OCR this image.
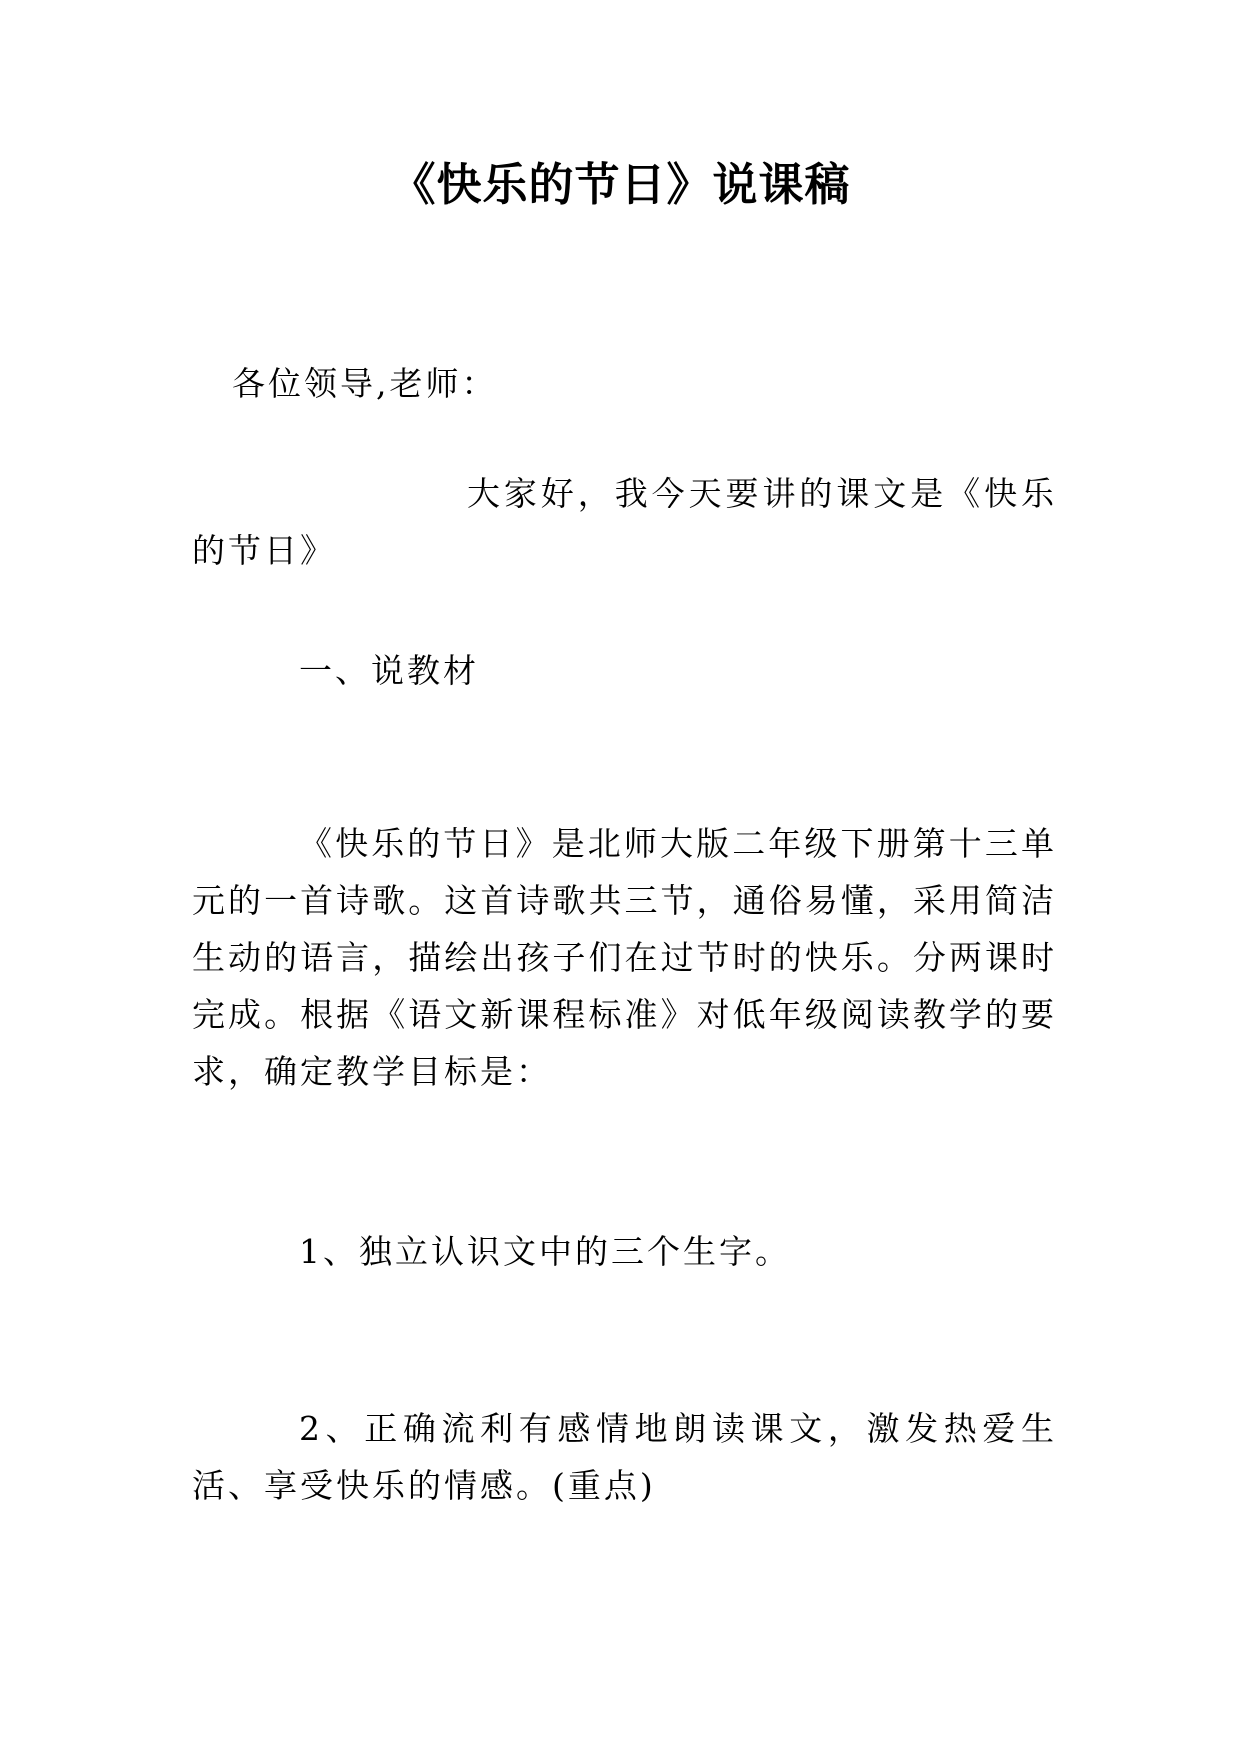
《快乐的节日》说课稿

各位领导,老师：

大家好，我今天要讲的课文是《快乐的节日》

一、说教材

《快乐的节日》是北师大版二年级下册第十三单元的一首诗歌。这首诗歌共三节，通俗易懂，采用简洁生动的语言，描绘出孩子们在过节时的快乐。分两课时完成。根据《语文新课程标准》对低年级阅读教学的要求，确定教学目标是：

1、独立认识文中的三个生字。

2、正确流利有感情地朗读课文，激发热爱生活、享受快乐的情感。(重点)
